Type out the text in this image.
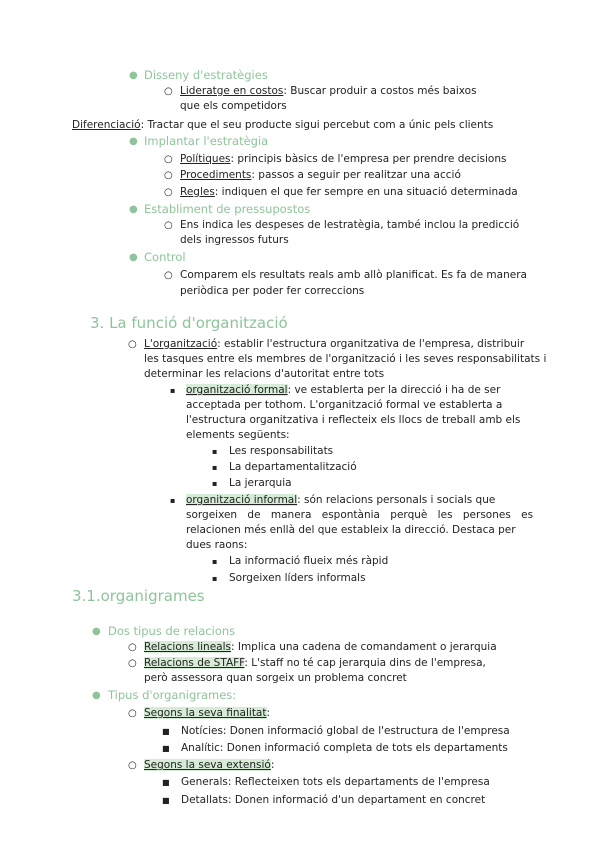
● Disseny d'estratègies
○ Lideratge en costos: Buscar produir a costos més baixos
que els competidors
Diferenciació: Tractar que el seu producte sigui percebut com a únic pels clients
● Implantar l'estratègia
○ Polítiques: principis bàsics de l'empresa per prendre decisions
○ Procediments: passos a seguir per realitzar una acció
○ Regles: indiquen el que fer sempre en una situació determinada
● Establiment de pressupostos
○ Ens indica les despeses de lestratègia, també inclou la predicció
dels ingressos futurs
● Control
○ Comparem els resultats reals amb allò planificat. Es fa de manera
periòdica per poder fer correccions
3. La funció d'organització
○ L'organització: establir l'estructura organitzativa de l'empresa, distribuir
les tasques entre els membres de l'organització i les seves responsabilitats i
determinar les relacions d'autoritat entre tots
▪ organització formal: ve establerta per la direcció i ha de ser
acceptada per tothom. L'organització formal ve establerta a
l'estructura organitzativa i reflecteix els llocs de treball amb els
elements següents:
▪ Les responsabilitats
▪ La departamentalització
▪ La jerarquia
▪ organització informal: són relacions personals i socials que
sorgeixen de manera espontània perquè les persones es
relacionen més enllà del que estableix la direcció. Destaca per
dues raons:
▪ La informació flueix més ràpid
▪ Sorgeixen líders informals
3.1.organigrames
● Dos tipus de relacions
○ Relacions lineals: Implica una cadena de comandament o jerarquia
○ Relacions de STAFF: L'staff no té cap jerarquia dins de l'empresa,
però assessora quan sorgeix un problema concret
● Tipus d'organigrames:
○ Segons la seva finalitat:
■ Notícies: Donen informació global de l'estructura de l'empresa
■ Analític: Donen informació completa de tots els departaments
○ Segons la seva extensió:
■ Generals: Reflecteixen tots els departaments de l'empresa
■ Detallats: Donen informació d'un departament en concret
